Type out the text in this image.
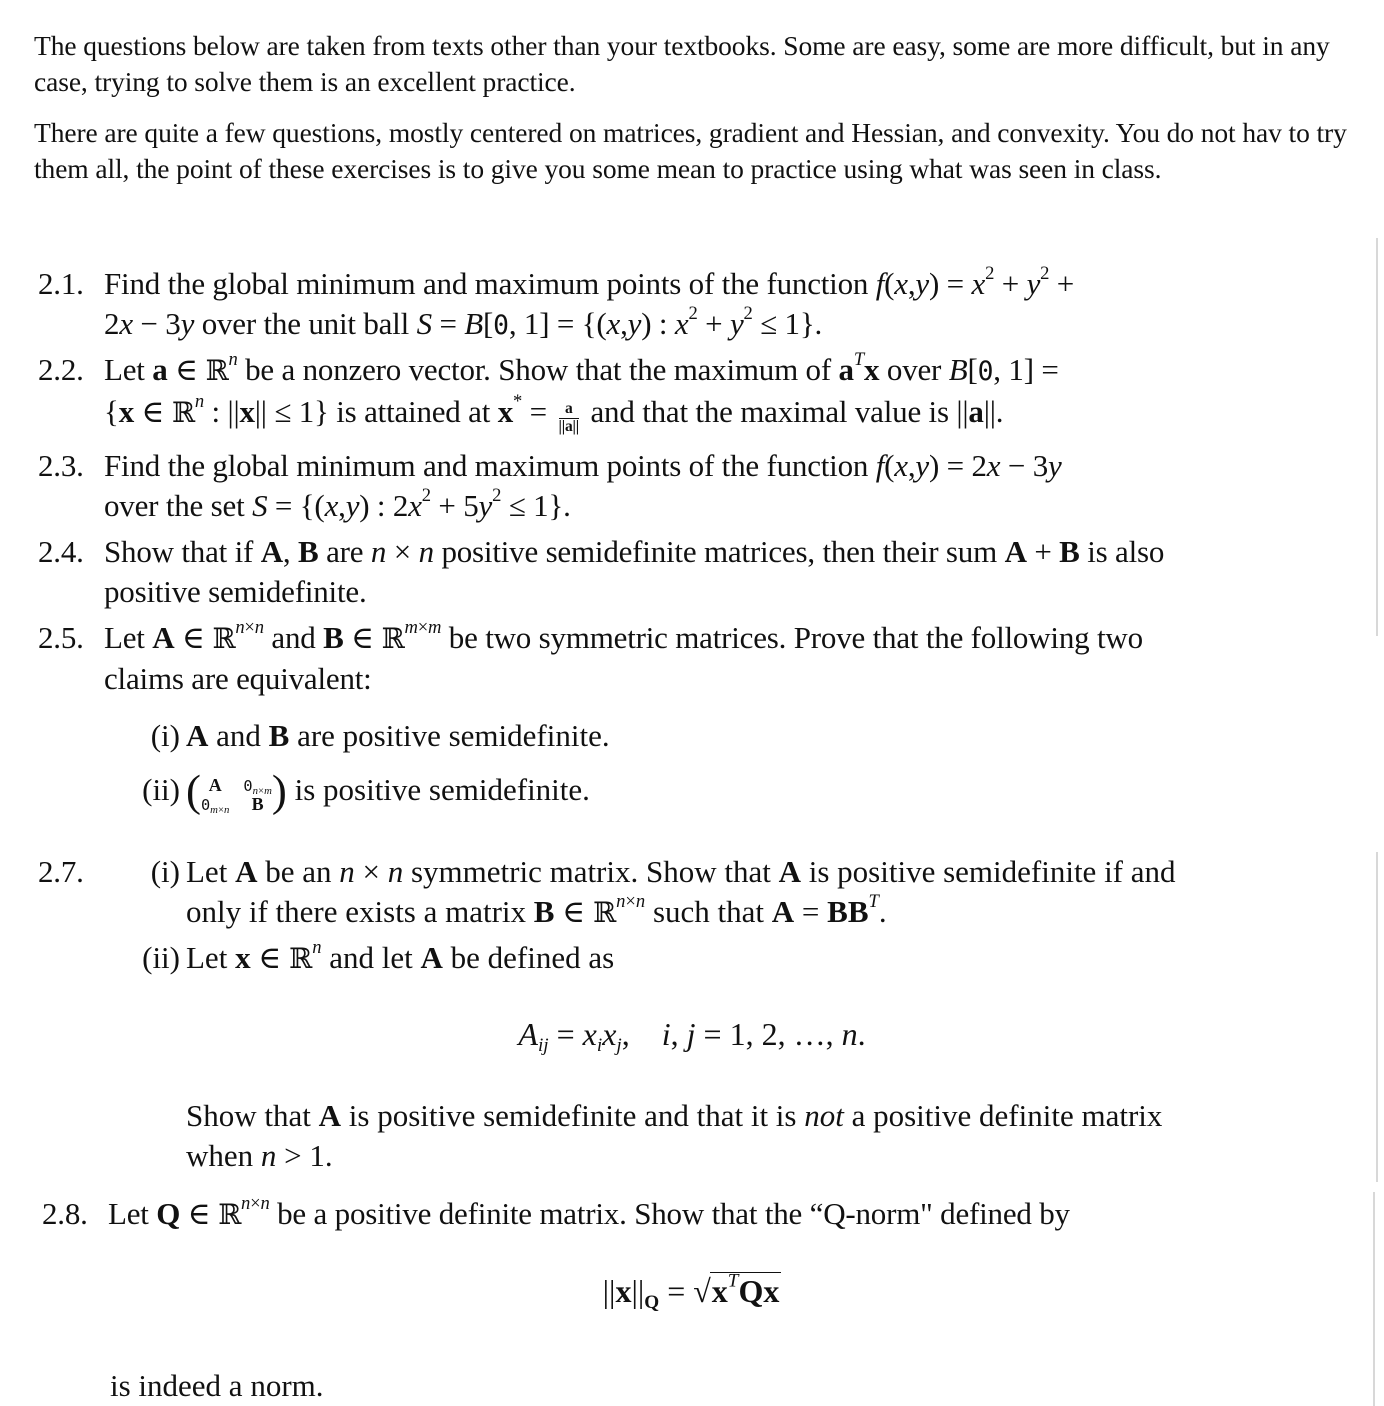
The questions below are taken from texts other than your textbooks. Some are easy, some are more difficult, but in any case, trying to solve them is an excellent practice.
There are quite a few questions, mostly centered on matrices, gradient and Hessian, and convexity. You do not hav to try them all, the point of these exercises is to give you some mean to practice using what was seen in class.
2.1. Find the global minimum and maximum points of the function $f(x,y) = x^2 + y^2$ +
2x − 3y over the unit ball S = B[0, 1] = {(x,y) : $x^2 + y^2 \le 1$}.
2.2. Let a ∈ ℝ$^n$ be a nonzero vector. Show that the maximum of $a^Tx$ over B[0, 1] =
{x ∈ ℝ$^n$ : ||x|| ≤ 1} is attained at $x^* = \frac{a}{||a||}$ and that the maximal value is ||a||.
2.3. Find the global minimum and maximum points of the function f(x,y) = 2x − 3y
over the set S = {(x,y) : $2x^2 + 5y^2 \le 1$}.
2.4. Show that if A, B are n × n positive semidefinite matrices, then their sum A + B is also positive semidefinite.
2.5. Let A ∈ ℝ$^{n\times n}$ and B ∈ ℝ$^{m\times m}$ be two symmetric matrices. Prove that the following two claims are equivalent:
(i) A and B are positive semidefinite.
(ii) ( A	$0_{n\times m}$
$0_{m\times n}$	B ) is positive semidefinite.
2.7.	(i) Let A be an n × n symmetric matrix. Show that A is positive semidefinite if and only if there exists a matrix B ∈ ℝ$^{n\times n}$ such that $A = BB^T$.
(ii) Let x ∈ ℝ$^n$ and let A be defined as
$A_{ij} = x_ix_j$,    i, j = 1, 2, …, n.
Show that A is positive semidefinite and that it is not a positive definite matrix when n > 1.
2.8. Let Q ∈ ℝ$^{n\times n}$ be a positive definite matrix. Show that the “Q-norm" defined by
$||x||_Q = √x^TQx$
is indeed a norm.
